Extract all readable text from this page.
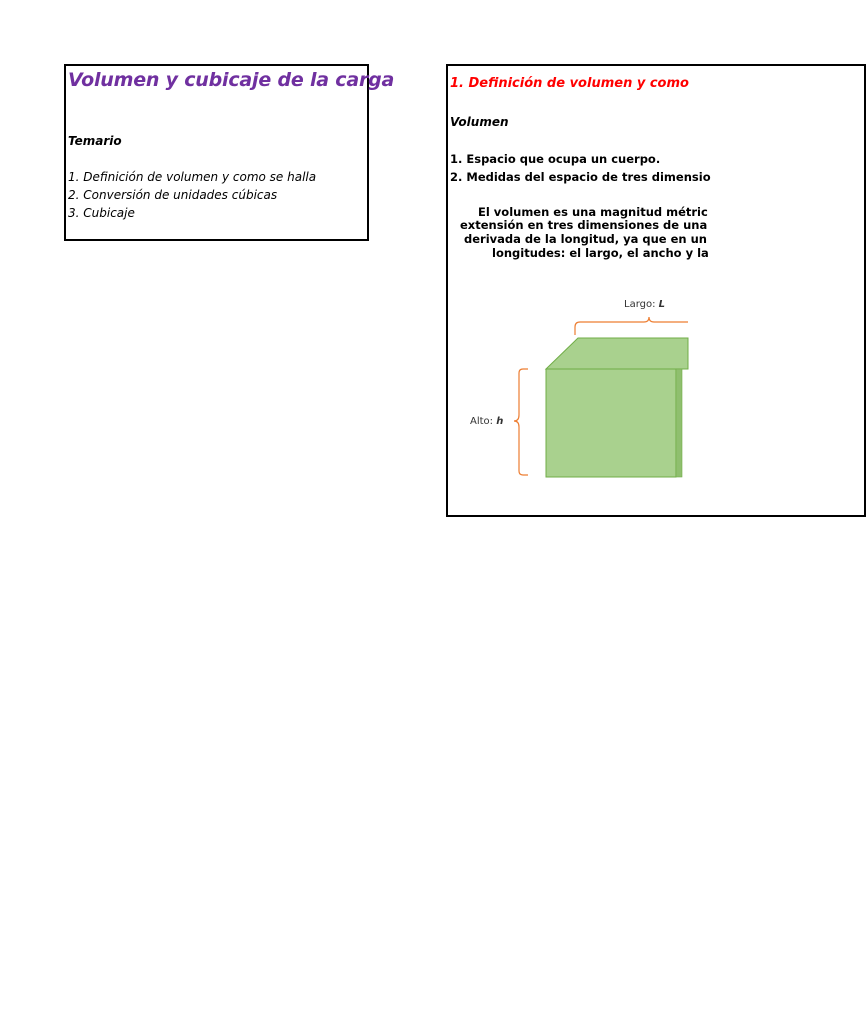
Volumen y cubicaje de la carga
Temario
1. Definición de volumen y como se halla
2. Conversión de unidades cúbicas
3. Cubicaje
1. Definición de volumen y como
Volumen
1. Espacio que ocupa un cuerpo.
2. Medidas del espacio de tres dimensio
El volumen es una magnitud métric
extensión en tres dimensiones de una
derivada de la longitud, ya que en un
longitudes: el largo, el ancho y la
Largo: L
Alto: h
